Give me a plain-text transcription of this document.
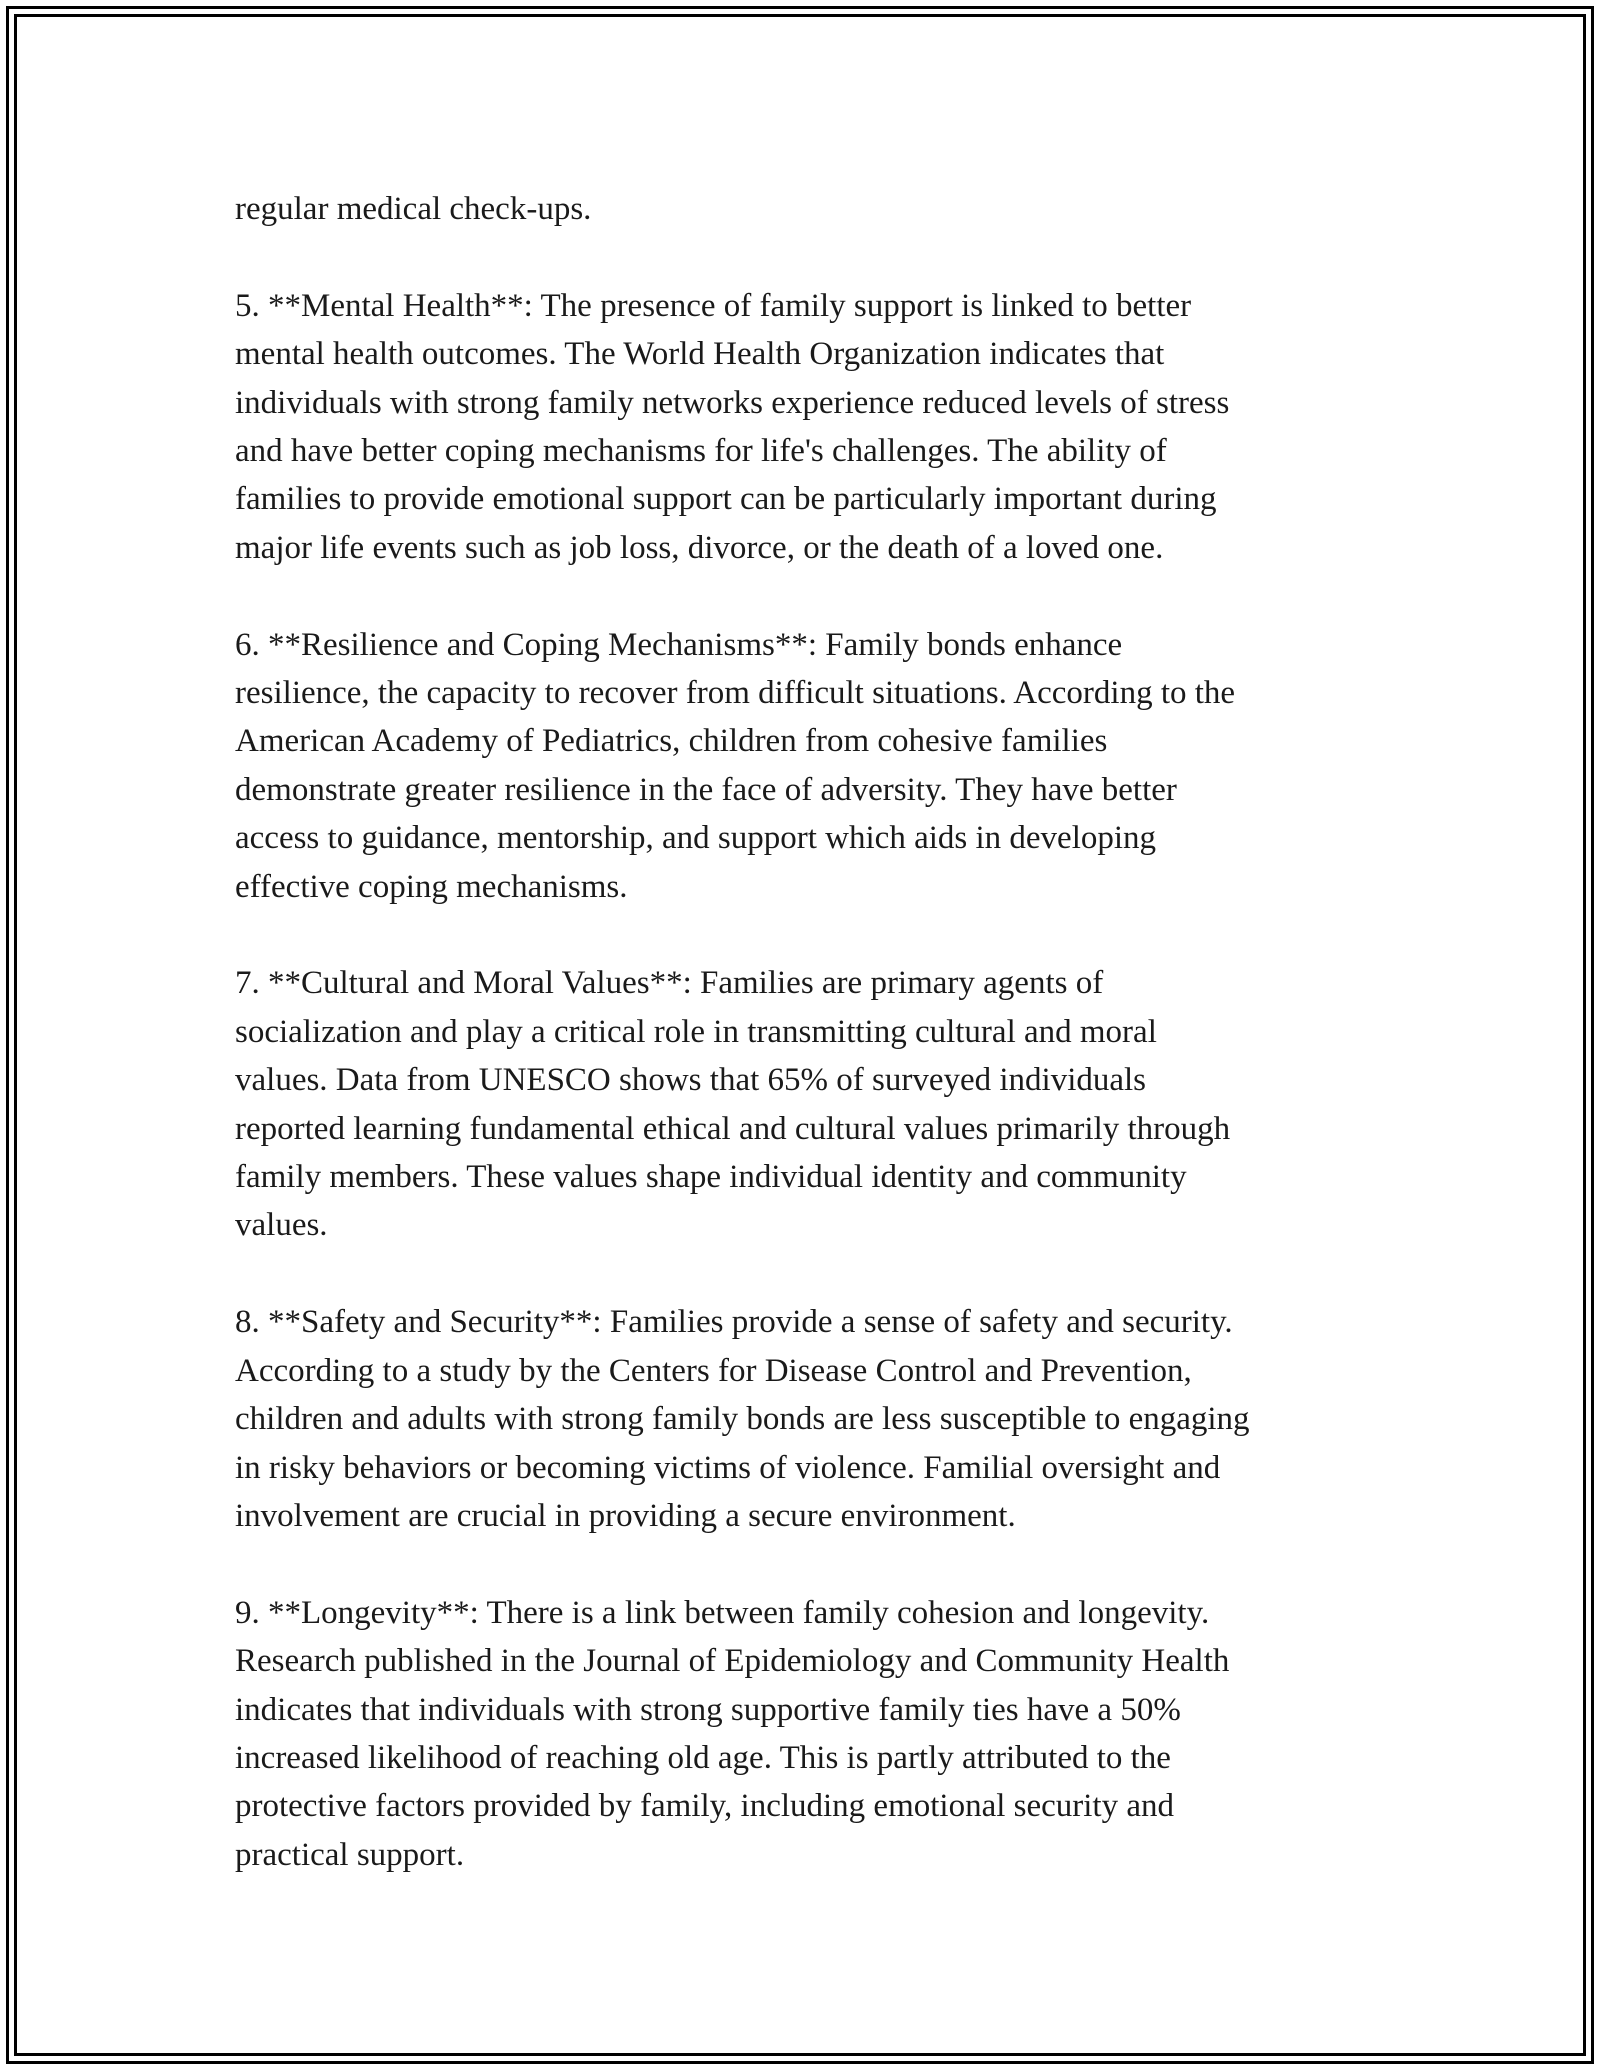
regular medical check-ups.

5. **Mental Health**: The presence of family support is linked to better
mental health outcomes. The World Health Organization indicates that
individuals with strong family networks experience reduced levels of stress
and have better coping mechanisms for life's challenges. The ability of
families to provide emotional support can be particularly important during
major life events such as job loss, divorce, or the death of a loved one.

6. **Resilience and Coping Mechanisms**: Family bonds enhance
resilience, the capacity to recover from difficult situations. According to the
American Academy of Pediatrics, children from cohesive families
demonstrate greater resilience in the face of adversity. They have better
access to guidance, mentorship, and support which aids in developing
effective coping mechanisms.

7. **Cultural and Moral Values**: Families are primary agents of
socialization and play a critical role in transmitting cultural and moral
values. Data from UNESCO shows that 65% of surveyed individuals
reported learning fundamental ethical and cultural values primarily through
family members. These values shape individual identity and community
values.

8. **Safety and Security**: Families provide a sense of safety and security.
According to a study by the Centers for Disease Control and Prevention,
children and adults with strong family bonds are less susceptible to engaging
in risky behaviors or becoming victims of violence. Familial oversight and
involvement are crucial in providing a secure environment.

9. **Longevity**: There is a link between family cohesion and longevity.
Research published in the Journal of Epidemiology and Community Health
indicates that individuals with strong supportive family ties have a 50%
increased likelihood of reaching old age. This is partly attributed to the
protective factors provided by family, including emotional security and
practical support.
